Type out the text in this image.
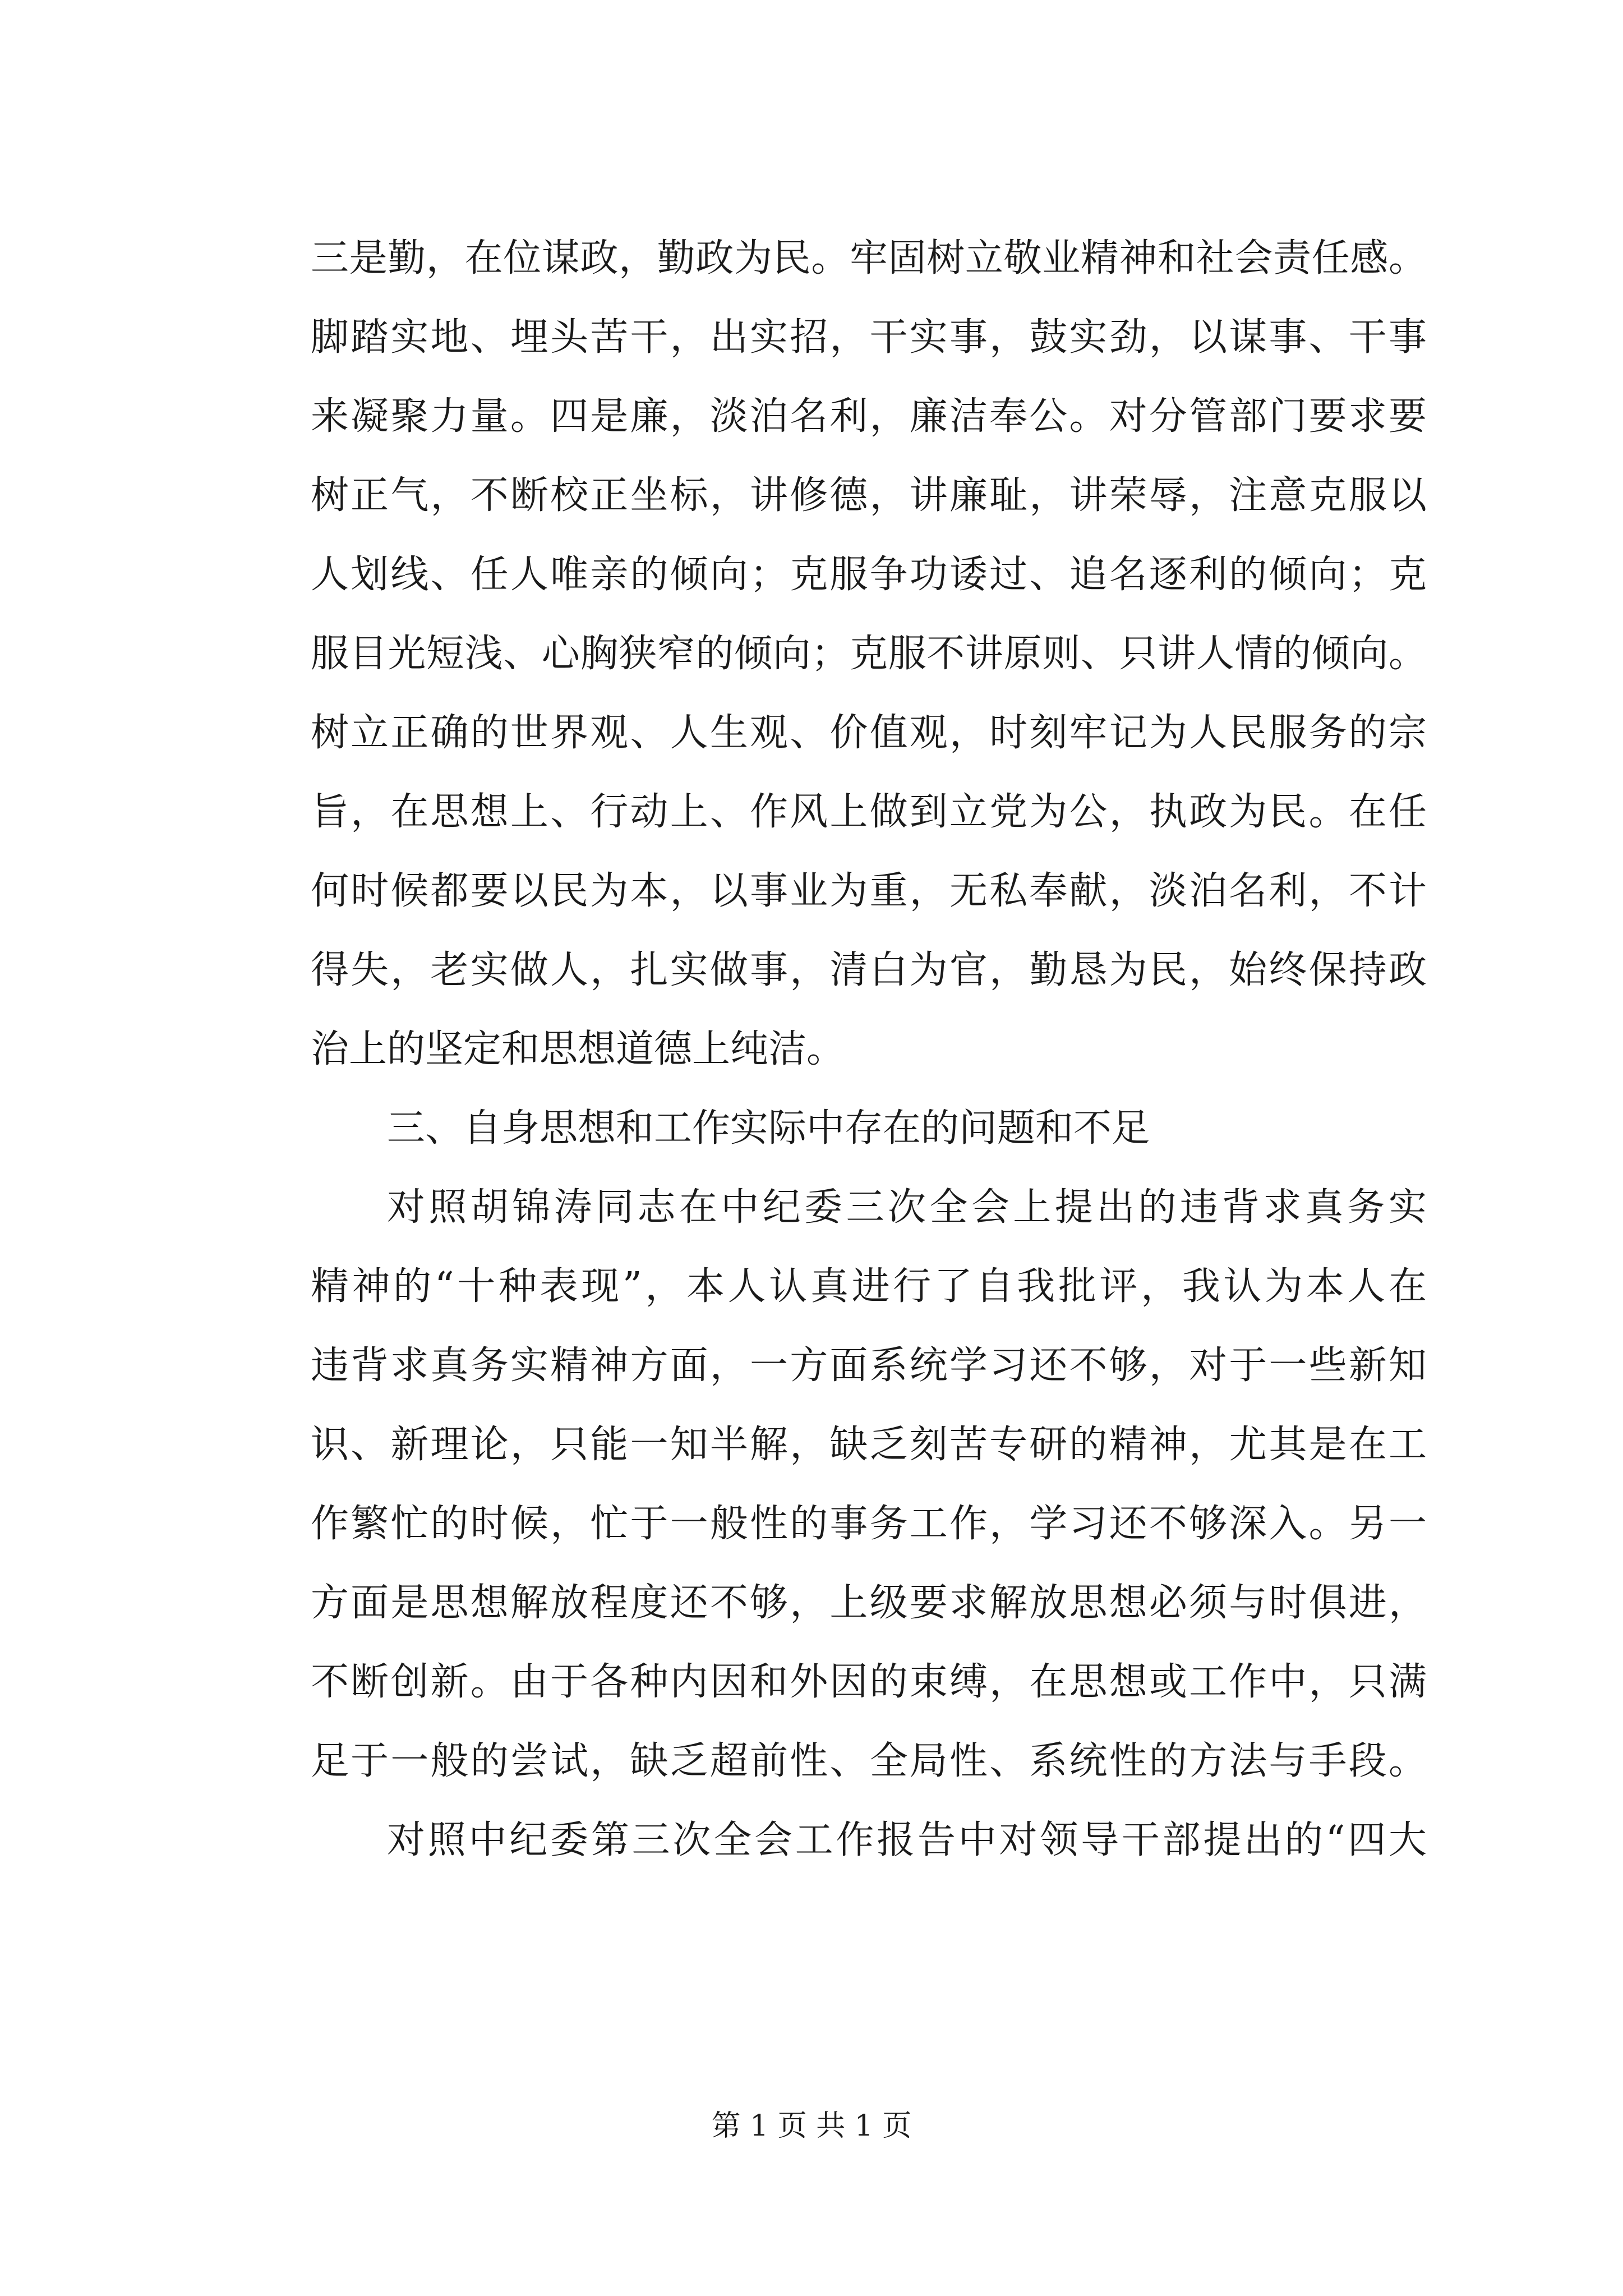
三是勤，在位谋政，勤政为民。牢固树立敬业精神和社会责任感。
脚踏实地、埋头苦干，出实招，干实事，鼓实劲，以谋事、干事
来凝聚力量。四是廉，淡泊名利，廉洁奉公。对分管部门要求要
树正气，不断校正坐标，讲修德，讲廉耻，讲荣辱，注意克服以
人划线、任人唯亲的倾向；克服争功诿过、追名逐利的倾向；克
服目光短浅、心胸狭窄的倾向；克服不讲原则、只讲人情的倾向。
树立正确的世界观、人生观、价值观，时刻牢记为人民服务的宗
旨，在思想上、行动上、作风上做到立党为公，执政为民。在任
何时候都要以民为本，以事业为重，无私奉献，淡泊名利，不计
得失，老实做人，扎实做事，清白为官，勤恳为民，始终保持政
治上的坚定和思想道德上纯洁。
三、自身思想和工作实际中存在的问题和不足
对照胡锦涛同志在中纪委三次全会上提出的违背求真务实
精神的“十种表现”，本人认真进行了自我批评，我认为本人在
违背求真务实精神方面，一方面系统学习还不够，对于一些新知
识、新理论，只能一知半解，缺乏刻苦专研的精神，尤其是在工
作繁忙的时候，忙于一般性的事务工作，学习还不够深入。另一
方面是思想解放程度还不够，上级要求解放思想必须与时俱进，
不断创新。由于各种内因和外因的束缚，在思想或工作中，只满
足于一般的尝试，缺乏超前性、全局性、系统性的方法与手段。
对照中纪委第三次全会工作报告中对领导干部提出的“四大
第 1 页 共 1 页
